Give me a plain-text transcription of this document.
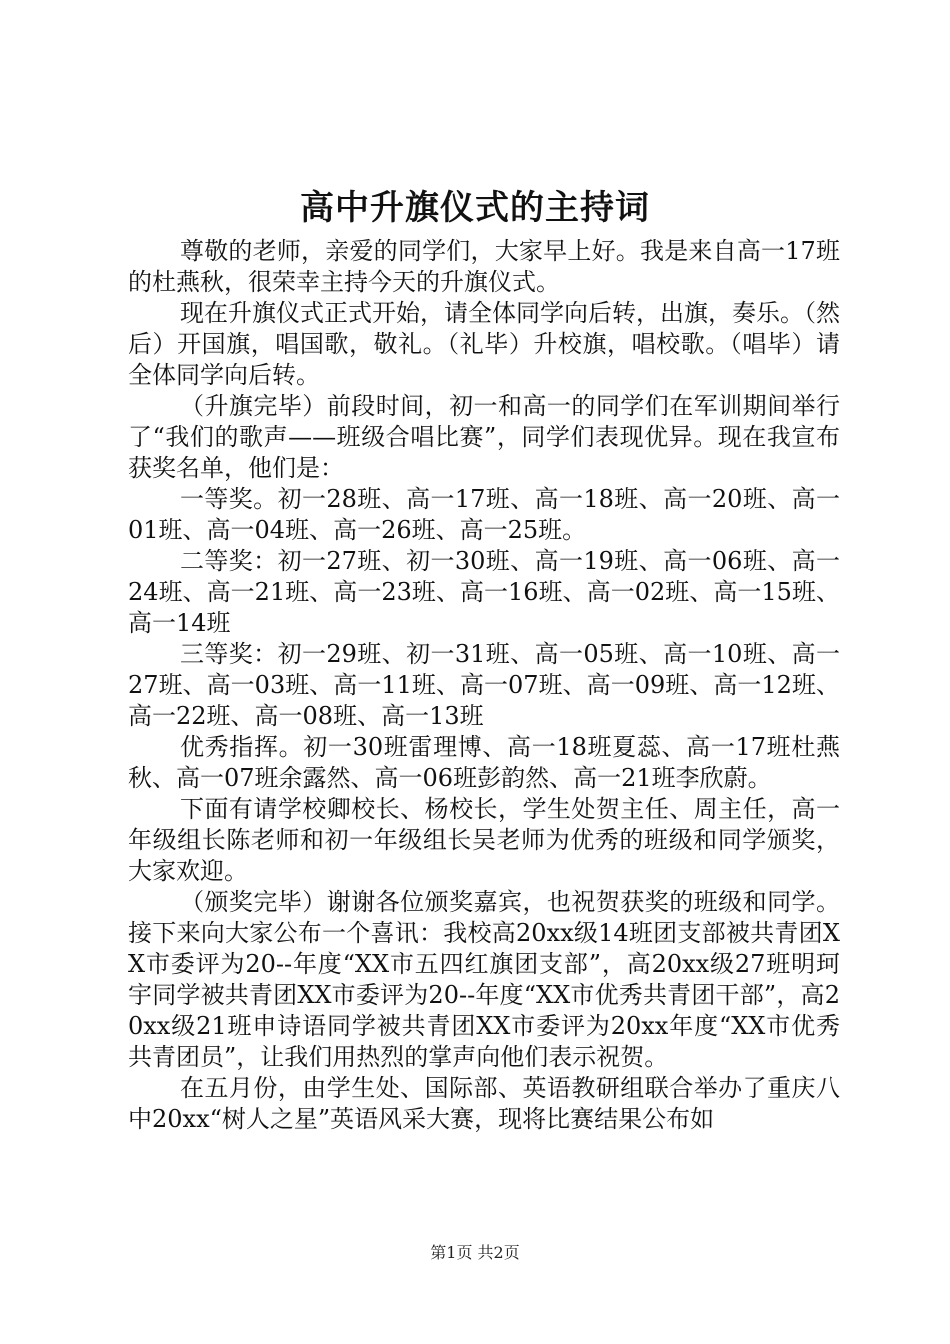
高中升旗仪式的主持词

尊敬的老师，亲爱的同学们，大家早上好。我是来自高一17班的杜燕秋，很荣幸主持今天的升旗仪式。

现在升旗仪式正式开始，请全体同学向后转，出旗，奏乐。（然后）开国旗，唱国歌，敬礼。（礼毕）升校旗，唱校歌。（唱毕）请全体同学向后转。

（升旗完毕）前段时间，初一和高一的同学们在军训期间举行了“我们的歌声——班级合唱比赛”，同学们表现优异。现在我宣布获奖名单，他们是：

一等奖。初一28班、高一17班、高一18班、高一20班、高一01班、高一04班、高一26班、高一25班。

二等奖：初一27班、初一30班、高一19班、高一06班、高一24班、高一21班、高一23班、高一16班、高一02班、高一15班、高一14班

三等奖：初一29班、初一31班、高一05班、高一10班、高一27班、高一03班、高一11班、高一07班、高一09班、高一12班、高一22班、高一08班、高一13班

优秀指挥。初一30班雷理博、高一18班夏蕊、高一17班杜燕秋、高一07班余露然、高一06班彭韵然、高一21班李欣蔚。

下面有请学校卿校长、杨校长，学生处贺主任、周主任，高一年级组长陈老师和初一年级组长吴老师为优秀的班级和同学颁奖，大家欢迎。

（颁奖完毕）谢谢各位颁奖嘉宾，也祝贺获奖的班级和同学。接下来向大家公布一个喜讯：我校高20xx级14班团支部被共青团XX市委评为20--年度“XX市五四红旗团支部”，高20xx级27班明珂宇同学被共青团XX市委评为20--年度“XX市优秀共青团干部”，高20xx级21班申诗语同学被共青团XX市委评为20xx年度“XX市优秀共青团员”，让我们用热烈的掌声向他们表示祝贺。

在五月份，由学生处、国际部、英语教研组联合举办了重庆八中20xx“树人之星”英语风采大赛，现将比赛结果公布如

第1页 共2页
